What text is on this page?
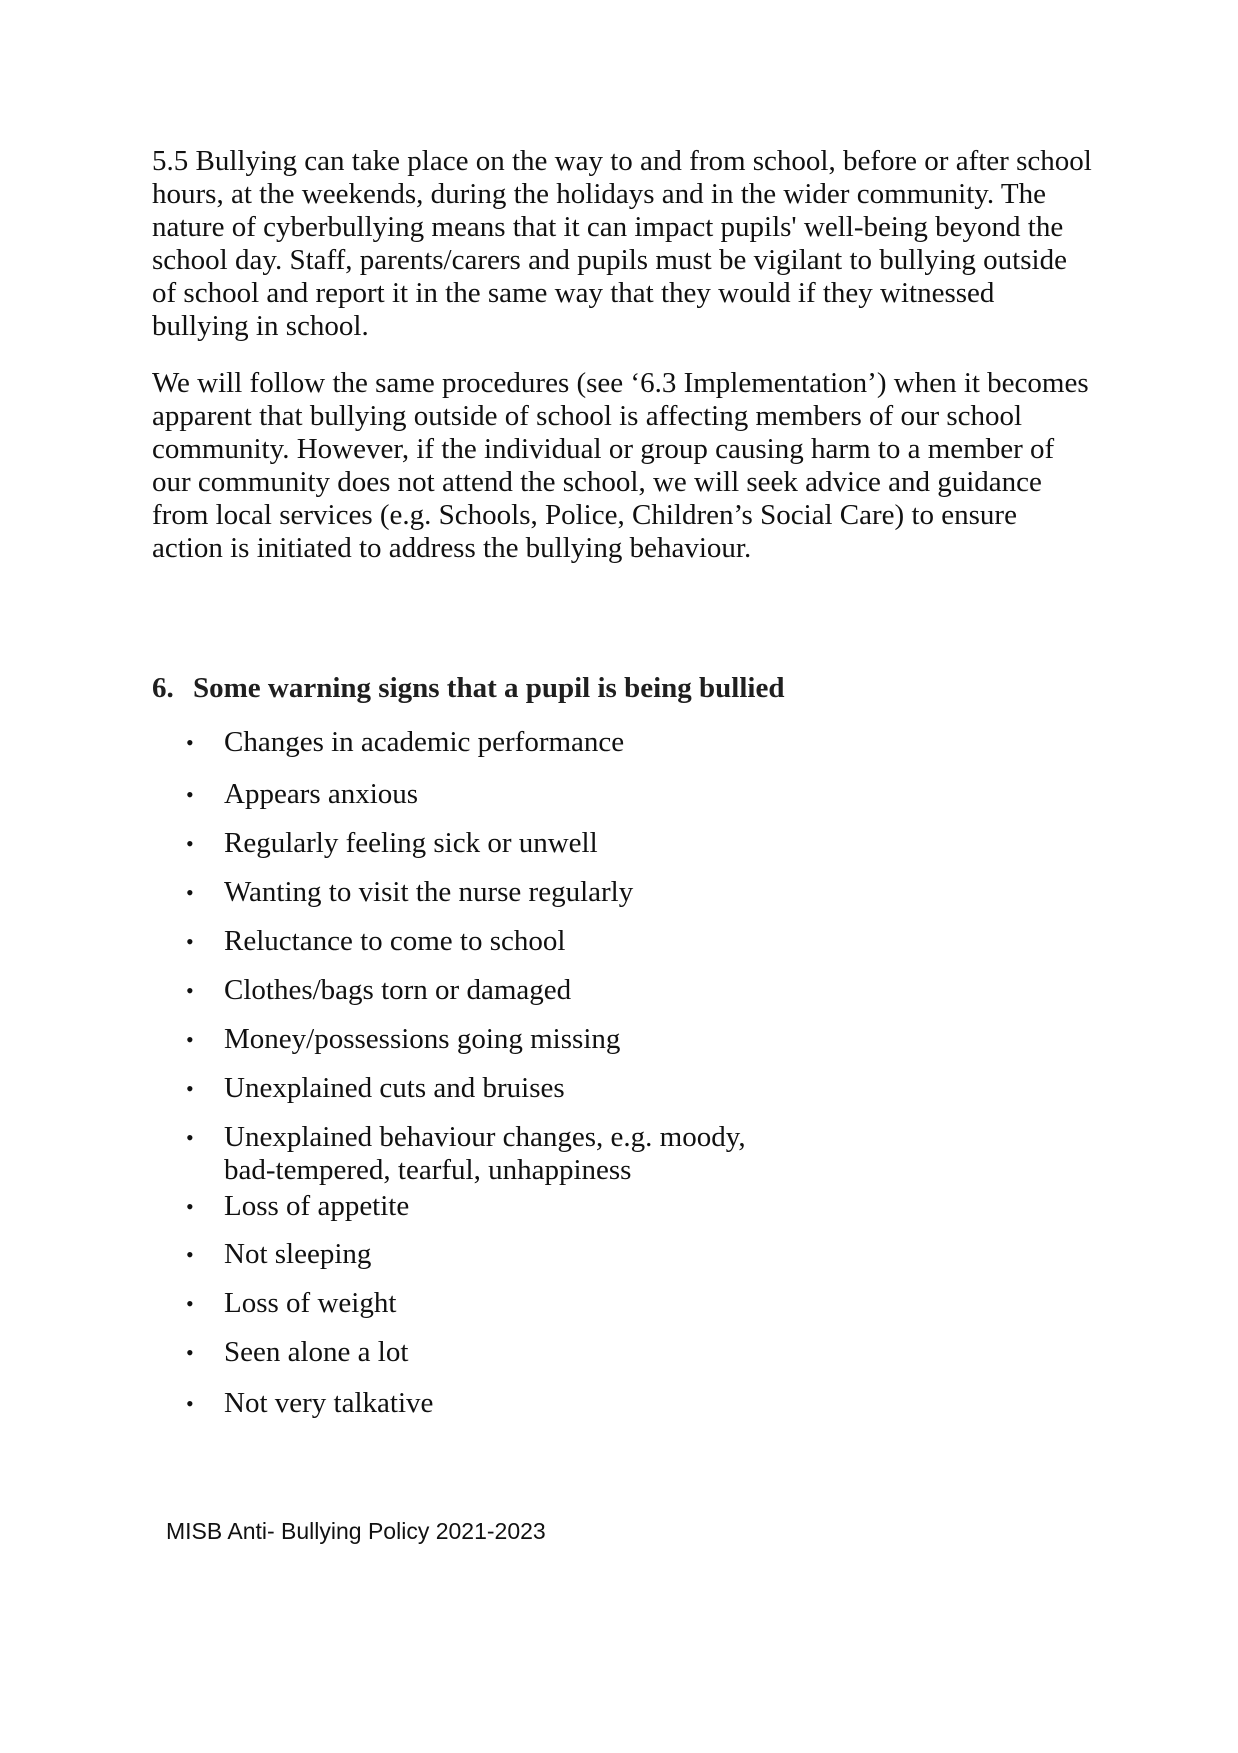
5.5 Bullying can take place on the way to and from school, before or after school hours, at the weekends, during the holidays and in the wider community. The nature of cyberbullying means that it can impact pupils' well-being beyond the school day. Staff, parents/carers and pupils must be vigilant to bullying outside of school and report it in the same way that they would if they witnessed bullying in school.

We will follow the same procedures (see ‘6.3 Implementation’) when it becomes apparent that bullying outside of school is affecting members of our school community. However, if the individual or group causing harm to a member of our community does not attend the school, we will seek advice and guidance from local services (e.g. Schools, Police, Children’s Social Care) to ensure action is initiated to address the bullying behaviour.

6. Some warning signs that a pupil is being bullied
•	Changes in academic performance
•	Appears anxious
•	Regularly feeling sick or unwell
•	Wanting to visit the nurse regularly
•	Reluctance to come to school
•	Clothes/bags torn or damaged
•	Money/possessions going missing
•	Unexplained cuts and bruises
•	Unexplained behaviour changes, e.g. moody, bad-tempered, tearful, unhappiness
•	Loss of appetite
•	Not sleeping
•	Loss of weight
•	Seen alone a lot
•	Not very talkative

MISB Anti- Bullying Policy 2021-2023
